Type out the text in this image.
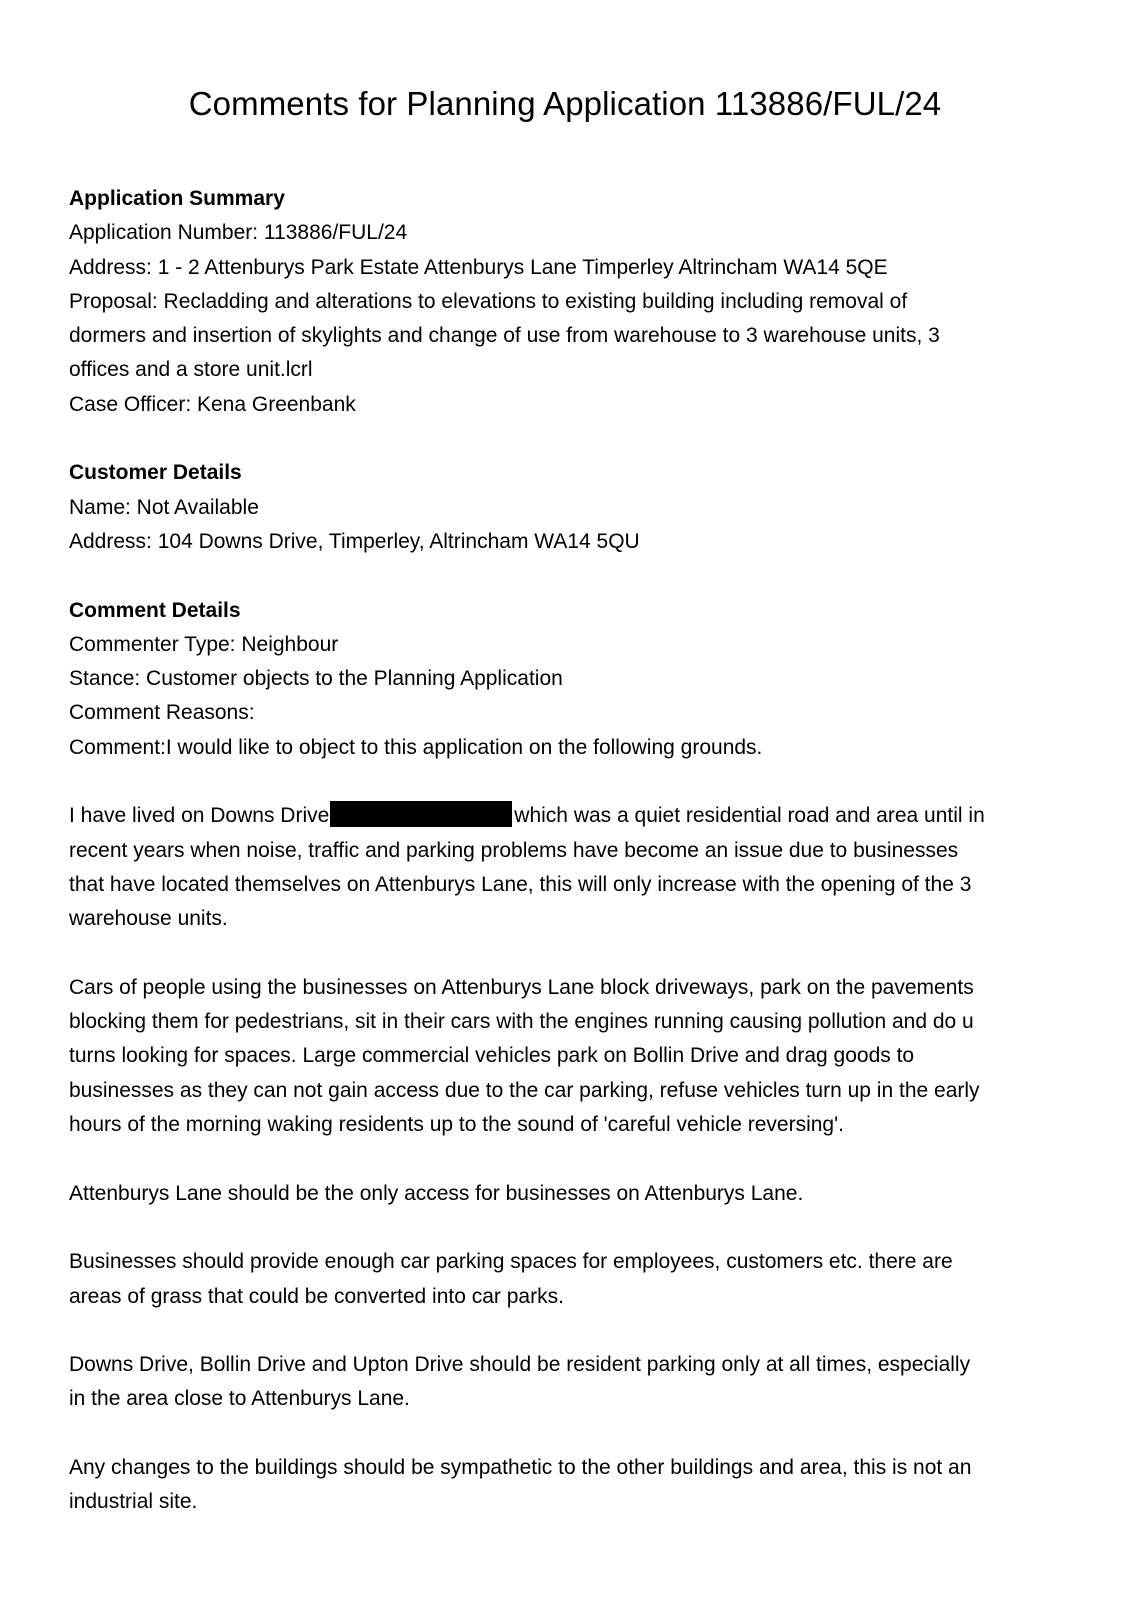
Comments for Planning Application 113886/FUL/24
Application Summary
Application Number: 113886/FUL/24
Address: 1 - 2 Attenburys Park Estate Attenburys Lane Timperley Altrincham WA14 5QE
Proposal: Recladding and alterations to elevations to existing building including removal of
dormers and insertion of skylights and change of use from warehouse to 3 warehouse units, 3
offices and a store unit.lcrl
Case Officer: Kena Greenbank
Customer Details
Name: Not Available
Address: 104 Downs Drive, Timperley, Altrincham WA14 5QU
Comment Details
Commenter Type: Neighbour
Stance: Customer objects to the Planning Application
Comment Reasons:
Comment:I would like to object to this application on the following grounds.
I have lived on Downs Drive	which was a quiet residential road and area until in
recent years when noise, traffic and parking problems have become an issue due to businesses
that have located themselves on Attenburys Lane, this will only increase with the opening of the 3
warehouse units.
Cars of people using the businesses on Attenburys Lane block driveways, park on the pavements
blocking them for pedestrians, sit in their cars with the engines running causing pollution and do u
turns looking for spaces. Large commercial vehicles park on Bollin Drive and drag goods to
businesses as they can not gain access due to the car parking, refuse vehicles turn up in the early
hours of the morning waking residents up to the sound of 'careful vehicle reversing'.
Attenburys Lane should be the only access for businesses on Attenburys Lane.
Businesses should provide enough car parking spaces for employees, customers etc. there are
areas of grass that could be converted into car parks.
Downs Drive, Bollin Drive and Upton Drive should be resident parking only at all times, especially
in the area close to Attenburys Lane.
Any changes to the buildings should be sympathetic to the other buildings and area, this is not an
industrial site.
